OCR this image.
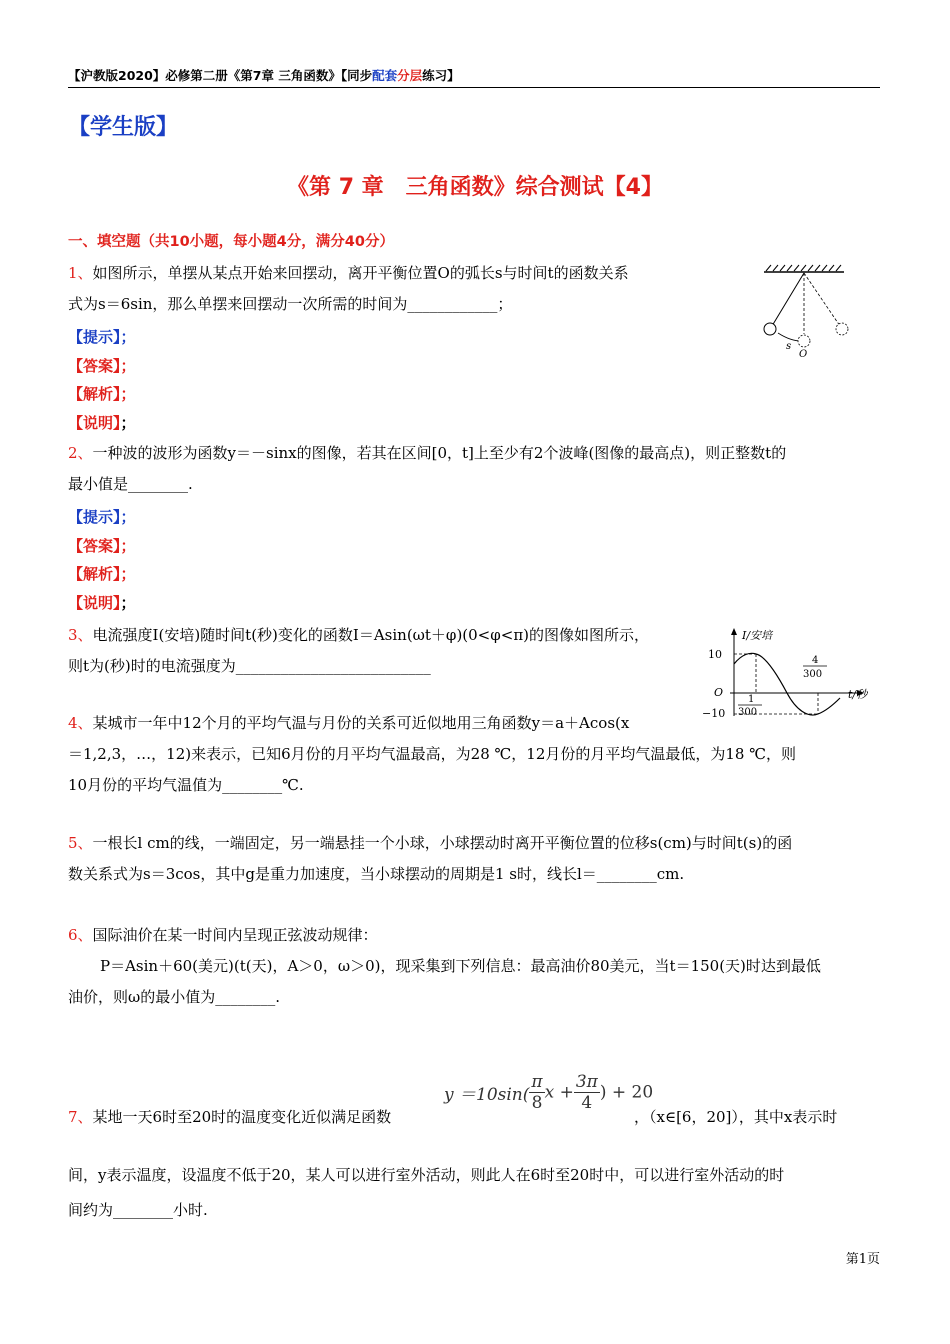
【沪教版2020】必修第二册《第7章 三角函数》【同步配套分层练习】
【学生版】
《第 7 章　三角函数》综合测试【4】
一、填空题（共10小题，每小题4分，满分40分）
1、如图所示，单摆从某点开始来回摆动，离开平衡位置O的弧长s与时间t的函数关系
式为s＝6sin，那么单摆来回摆动一次所需的时间为____________；
s
O
【提示】；
【答案】；
【解析】；
【说明】；
2、一种波的波形为函数y＝－sinx的图像，若其在区间[0，t]上至少有2个波峰(图像的最高点)，则正整数t的
最小值是________.
【提示】；
【答案】；
【解析】；
【说明】；
3、电流强度I(安培)随时间t(秒)变化的函数I＝Asin(ωt＋φ)(0<φ<π)的图像如图所示，
则t为(秒)时的电流强度为__________________________
I/安培
10
−10
O	t/秒
1
300
4
300
4、某城市一年中12个月的平均气温与月份的关系可近似地用三角函数y＝a＋Acos(x
＝1,2,3，…，12)来表示，已知6月份的月平均气温最高，为28 ℃，12月份的月平均气温最低，为18 ℃，则
10月份的平均气温值为________℃.
5、一根长l cm的线，一端固定，另一端悬挂一个小球，小球摆动时离开平衡位置的位移s(cm)与时间t(s)的函
数关系式为s＝3cos，其中g是重力加速度，当小球摆动的周期是1 s时，线长l＝________cm.
6、国际油价在某一时间内呈现正弦波动规律：
P＝Asin＋60(美元)(t(天)，A＞0，ω＞0)，现采集到下列信息：最高油价80美元，当t＝150(天)时达到最低
油价，则ω的最小值为________.
7、某地一天6时至20时的温度变化近似满足函数	，（x∈[6，20]），其中x表示时
$y =10\sin( \frac{\pi}{8}$ $x + \frac{3\pi}{4}$ ) + 20
间，y表示温度，设温度不低于20，某人可以进行室外活动，则此人在6时至20时中，可以进行室外活动的时
间约为________小时.
第1页
